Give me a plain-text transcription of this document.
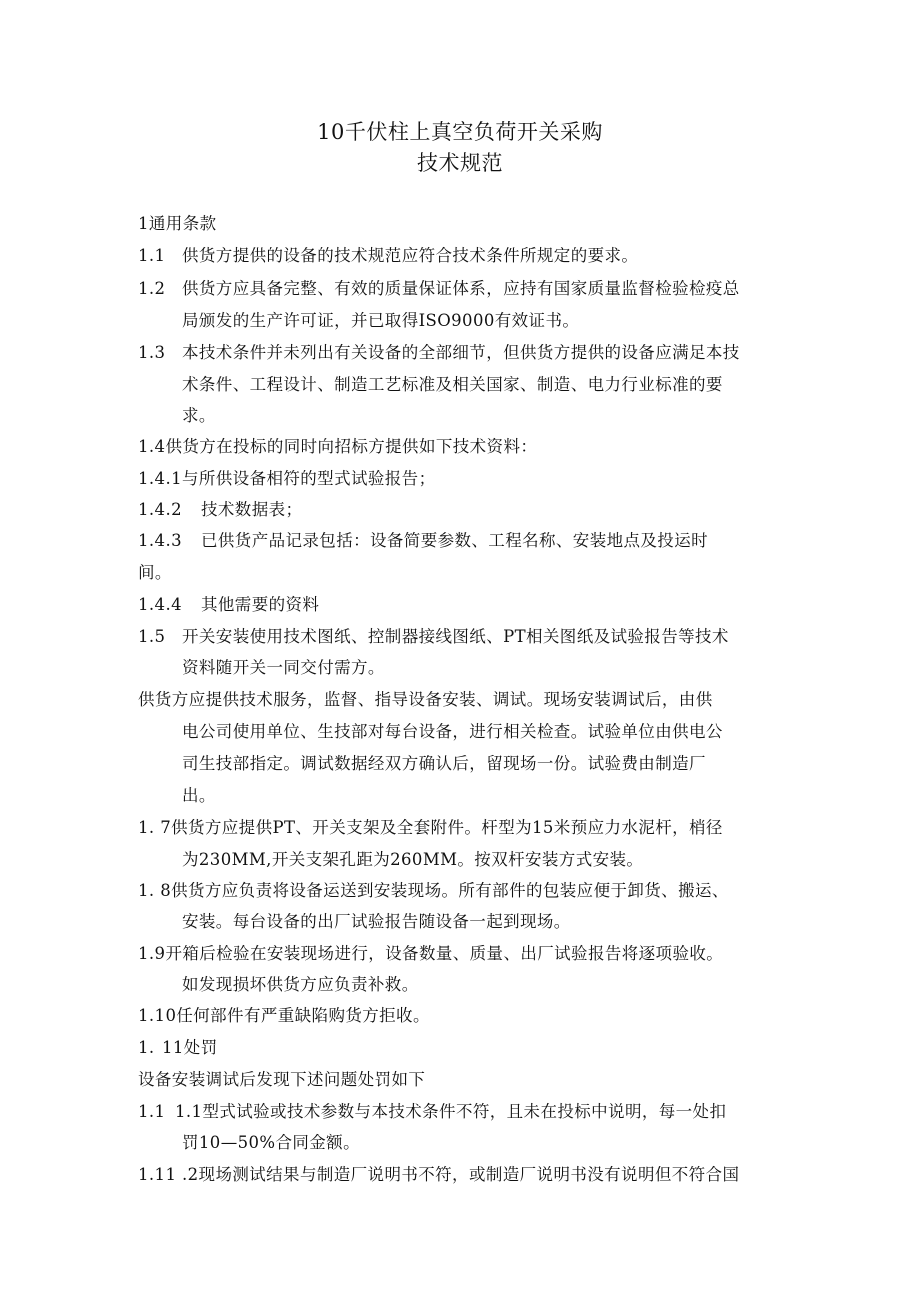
10千伏柱上真空负荷开关采购
技术规范
1通用条款
1.1 供货方提供的设备的技术规范应符合技术条件所规定的要求。
1.2 供货方应具备完整、有效的质量保证体系，应持有国家质量监督检验检疫总
局颁发的生产许可证，并已取得ISO9000有效证书。
1.3 本技术条件并未列出有关设备的全部细节，但供货方提供的设备应满足本技
术条件、工程设计、制造工艺标准及相关国家、制造、电力行业标准的要
求。
1.4供货方在投标的同时向招标方提供如下技术资料：
1.4.1与所供设备相符的型式试验报告；
1.4.2 技术数据表；
1.4.3 已供货产品记录包括：设备简要参数、工程名称、安装地点及投运时
间。
1.4.4 其他需要的资料
1.5 开关安装使用技术图纸、控制器接线图纸、PT相关图纸及试验报告等技术
资料随开关一同交付需方。
供货方应提供技术服务，监督、指导设备安装、调试。现场安装调试后，由供
电公司使用单位、生技部对每台设备，进行相关检查。试验单位由供电公
司生技部指定。调试数据经双方确认后，留现场一份。试验费由制造厂
出。
1. 7供货方应提供PT、开关支架及全套附件。杆型为15米预应力水泥杆，梢径
为230MM,开关支架孔距为260MM。按双杆安装方式安装。
1. 8供货方应负责将设备运送到安装现场。所有部件的包装应便于卸货、搬运、
安装。每台设备的出厂试验报告随设备一起到现场。
1.9开箱后检验在安装现场进行，设备数量、质量、出厂试验报告将逐项验收。
如发现损坏供货方应负责补救。
1.10任何部件有严重缺陷购货方拒收。
1. 11处罚
设备安装调试后发现下述问题处罚如下
1.1 1.1型式试验或技术参数与本技术条件不符，且未在投标中说明，每一处扣
罚10—50%合同金额。
1.11 .2现场测试结果与制造厂说明书不符，或制造厂说明书没有说明但不符合国
